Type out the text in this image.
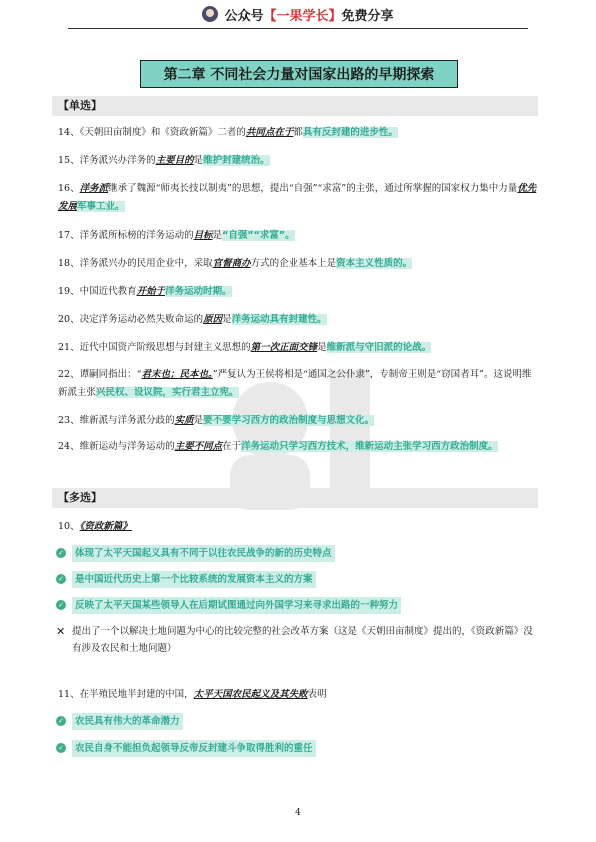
公众号 【一果学长】 免费分享
第二章 不同社会力量对国家出路的早期探索
【单选】
14、《天朝田亩制度》和《资政新篇》二者的共同点在于都具有反封建的进步性。
15、洋务派兴办洋务的主要目的是维护封建统治。
16、洋务派继承了魏源“师夷长技以制夷”的思想，提出“自强”“求富”的主张，通过所掌握的国家权力集中力量优先发展军事工业。
17、洋务派所标榜的洋务运动的目标是“自强”“求富”。
18、洋务派兴办的民用企业中，采取官督商办方式的企业基本上是资本主义性质的。
19、中国近代教育开始于洋务运动时期。
20、决定洋务运动必然失败命运的原因是洋务运动具有封建性。
21、近代中国资产阶级思想与封建主义思想的第一次正面交锋是维新派与守旧派的论战。
22、谭嗣同指出：“君末也；民本也。”严复认为王侯将相是“通国之公仆隶”，专制帝王则是“窃国者耳”。这说明维新派主张兴民权、设议院，实行君主立宪。
23、维新派与洋务派分歧的实质是要不要学习西方的政治制度与思想文化。
24、维新运动与洋务运动的主要不同点在于洋务运动只学习西方技术，维新运动主张学习西方政治制度。
【多选】
10、《资政新篇》
✓	体现了太平天国起义具有不同于以往农民战争的新的历史特点
✓	是中国近代历史上第一个比较系统的发展资本主义的方案
✓	反映了太平天国某些领导人在后期试图通过向外国学习来寻求出路的一种努力
✕ 提出了一个以解决土地问题为中心的比较完整的社会改革方案（这是《天朝田亩制度》提出的，《资政新篇》没有涉及农民和土地问题）
11、在半殖民地半封建的中国，太平天国农民起义及其失败表明
✓	农民具有伟大的革命潜力
✓	农民自身不能担负起领导反帝反封建斗争取得胜利的重任
4
